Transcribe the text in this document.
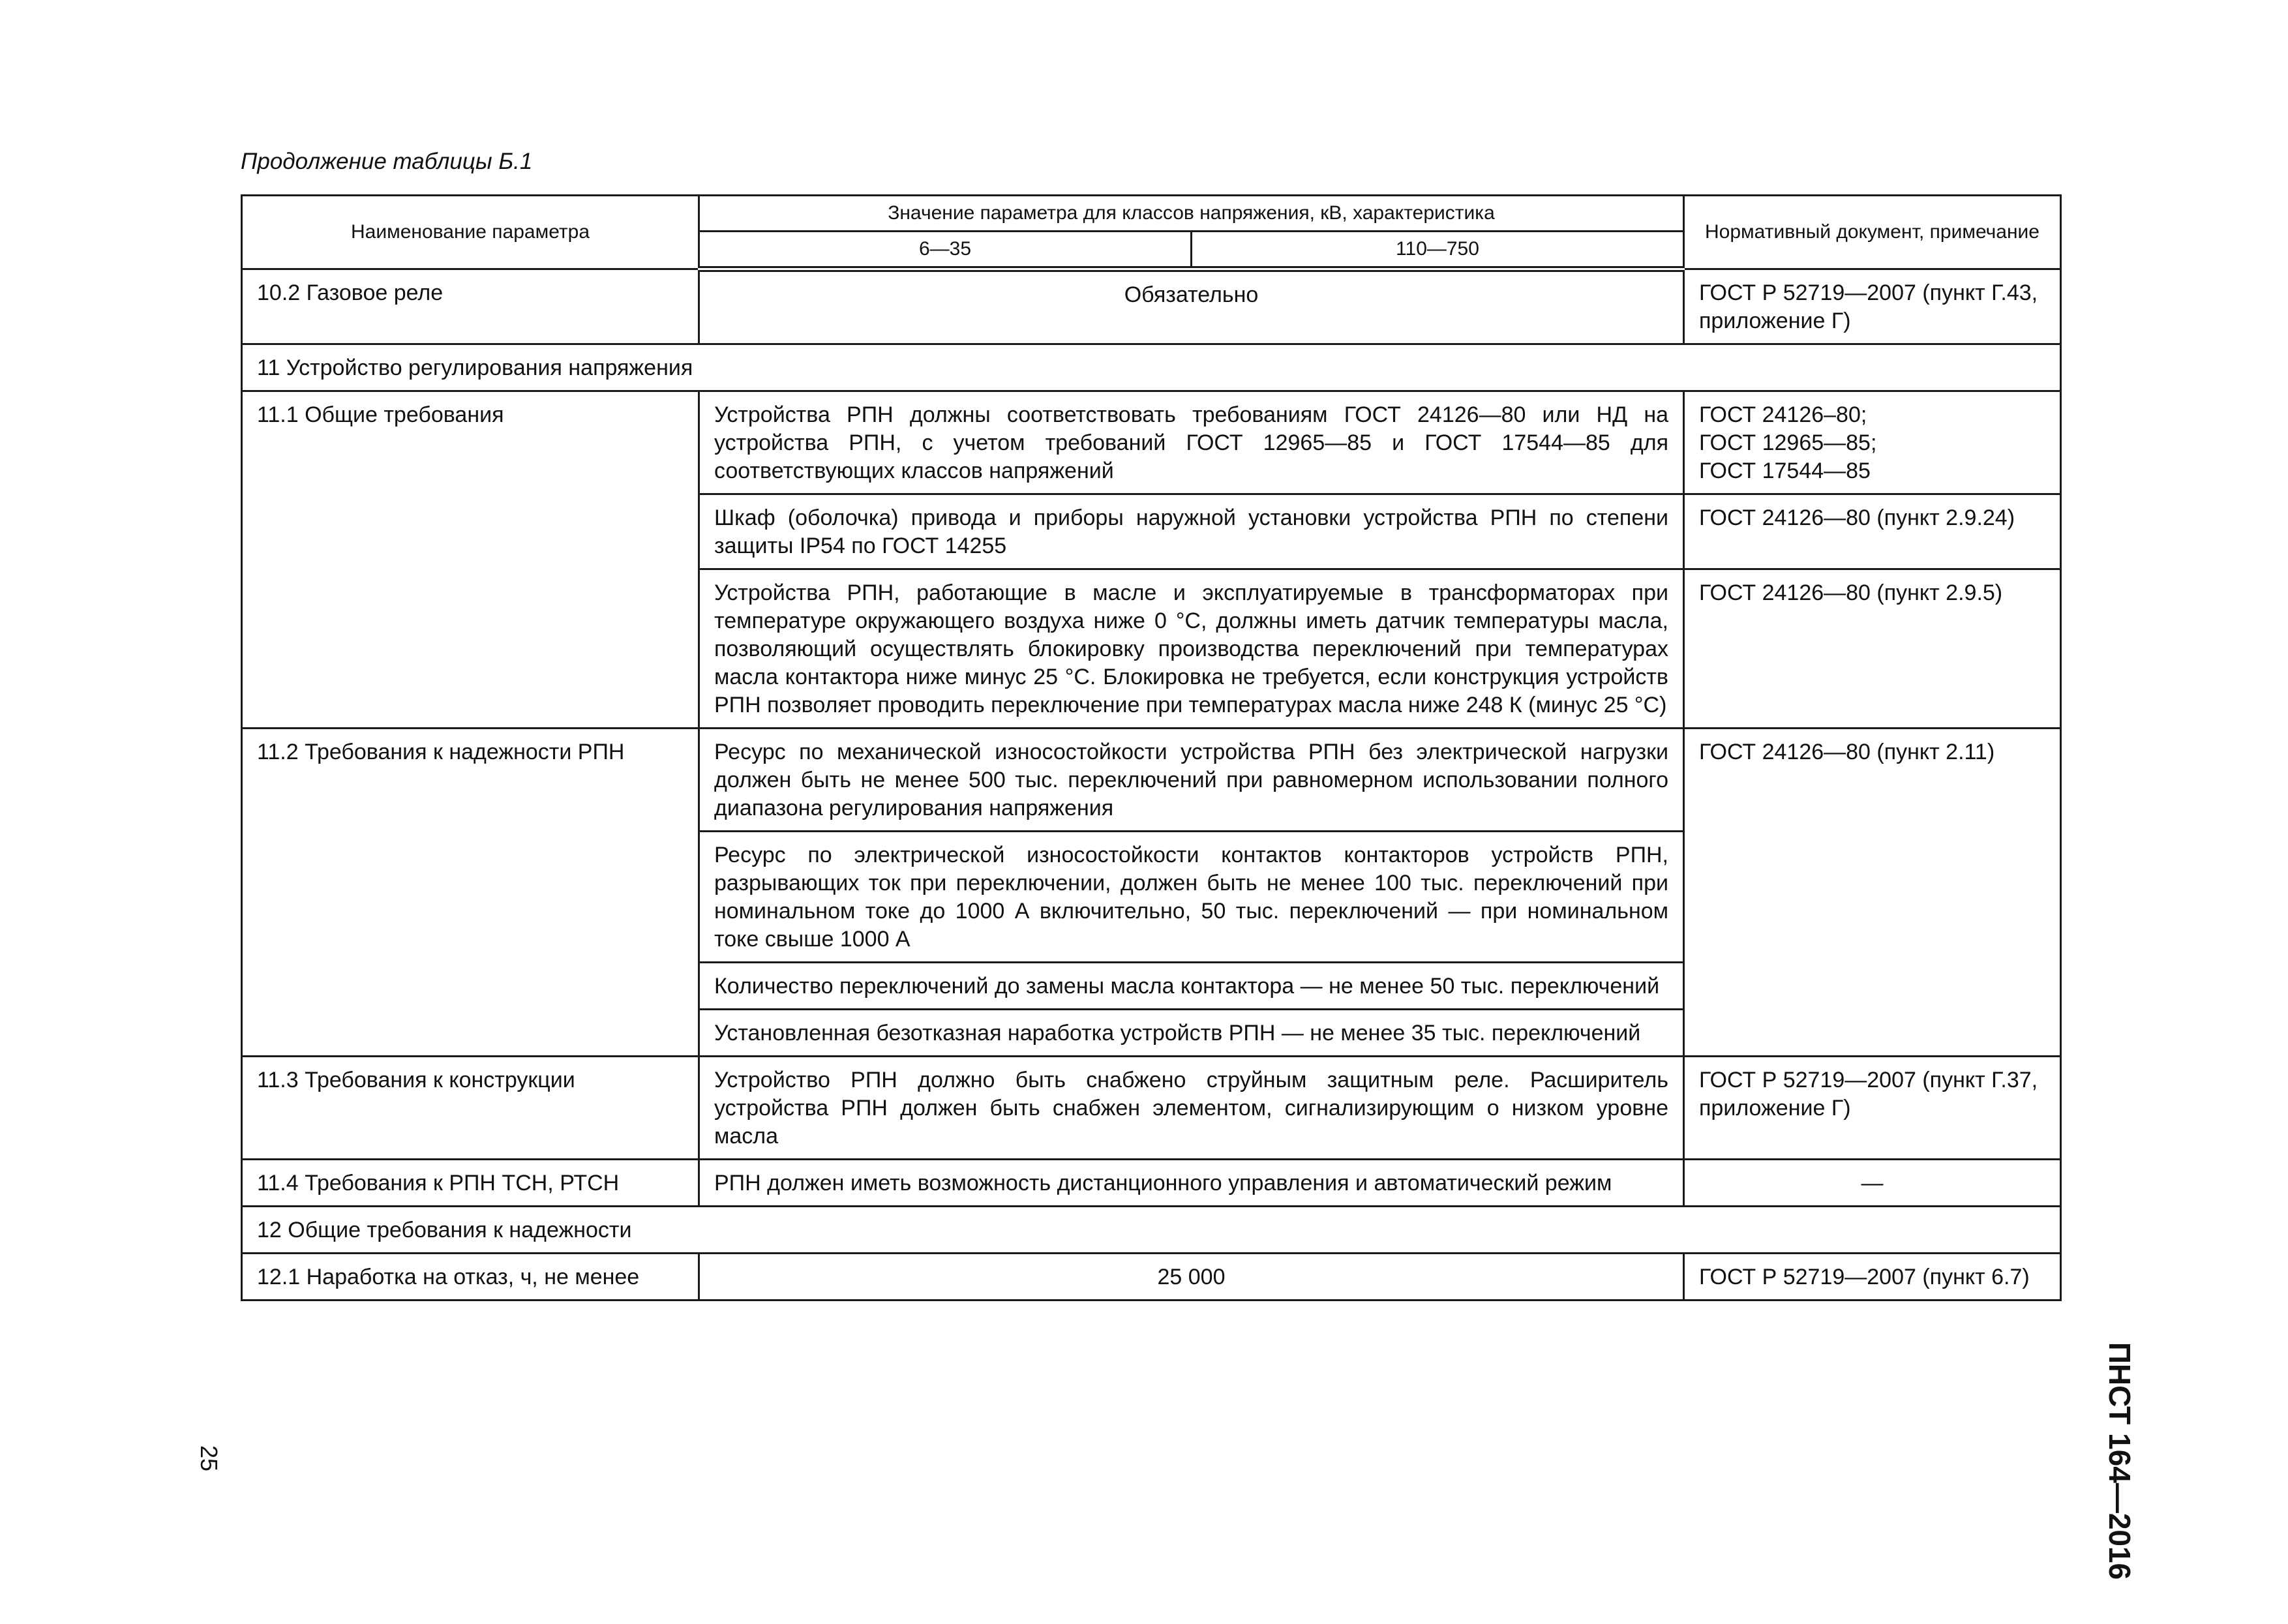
Продолжение таблицы Б.1
Наименование параметра	Значение параметра для классов напряжения, кВ, характеристика		Нормативный документ, примечание
	6—35	110—750	
10.2 Газовое реле	Обязательно		ГОСТ Р 52719—2007 (пункт Г.43, приложение Г)
11 Устройство регулирования напряжения			
11.1 Общие требования	Устройства РПН должны соответствовать требованиям ГОСТ 24126—80 или НД на устройства РПН, с учетом требований ГОСТ 12965—85 и ГОСТ 17544—85 для соответствующих классов напряжений		ГОСТ 24126–80;
ГОСТ 12965—85;
ГОСТ 17544—85

	Шкаф (оболочка) привода и приборы наружной установки устройства РПН по степени защиты IP54 по ГОСТ 14255		ГОСТ 24126—80 (пункт 2.9.24)
	Устройства РПН, работающие в масле и эксплуатируемые в трансформаторах при температуре окружающего воздуха ниже 0 °С, должны иметь датчик температуры масла, позволяющий осуществлять блокировку производства переключений при температурах масла контактора ниже минус 25 °С. Блокировка не требуется, если конструкция устройств РПН позволяет проводить переключение при температурах масла ниже 248 К (минус 25 °С)		ГОСТ 24126—80 (пункт 2.9.5)
11.2 Требования к надежности РПН	Ресурс по механической износостойкости устройства РПН без электрической нагрузки должен быть не менее 500 тыс. переключений при равномерном использовании полного диапазона регулирования напряжения		ГОСТ 24126—80 (пункт 2.11)
	Ресурс по электрической износостойкости контактов контакторов устройств РПН, разрывающих ток при переключении, должен быть не менее 100 тыс. переключений при номинальном токе до 1000 А включительно, 50 тыс. переключений — при номинальном токе свыше 1000 А		
	Количество переключений до замены масла контактора — не менее 50 тыс. переключений		
	Установленная безотказная наработка устройств РПН — не менее 35 тыс. переключений		
11.3 Требования к конструкции	Устройство РПН должно быть снабжено струйным защитным реле. Расширитель устройства РПН должен быть снабжен элементом, сигнализирующим о низком уровне масла		ГОСТ Р 52719—2007 (пункт Г.37, приложение Г)
11.4 Требования к РПН ТСН, РТСН	РПН должен иметь возможность дистанционного управления и автоматический режим		—
12 Общие требования к надежности			
12.1 Наработка на отказ, ч, не менее	25 000		ГОСТ Р 52719—2007 (пункт 6.7)
25	ПНСТ 164—2016
